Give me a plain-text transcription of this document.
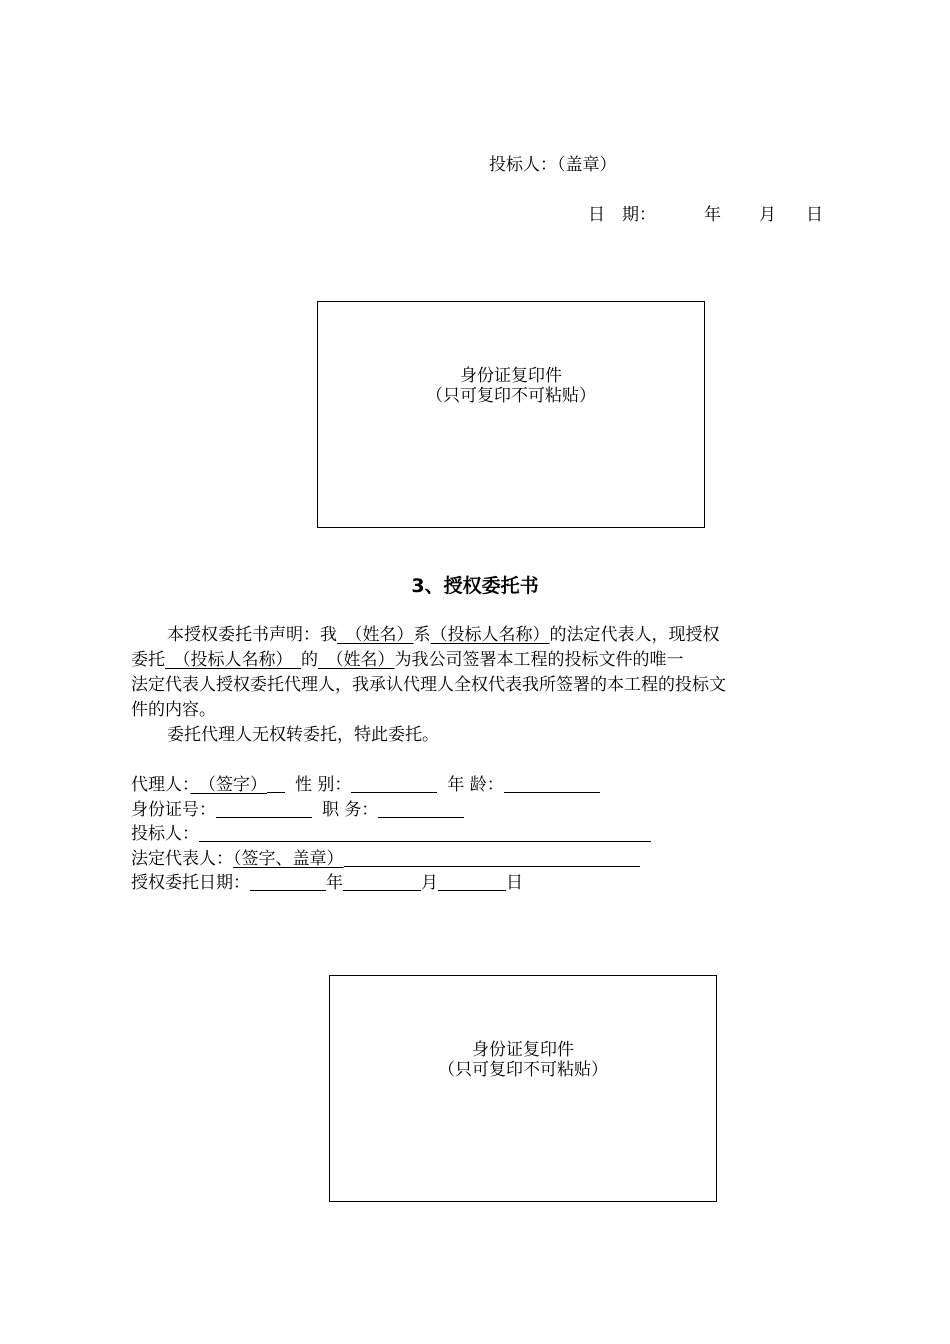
投标人：（盖章）
日　期：	年 月 日
身份证复印件
（只可复印不可粘贴）
3、授权委托书
本授权委托书声明：我　（姓名）系（投标人名称）的法定代表人，现授权
委托　（投标人名称）　的　（姓名）为我公司签署本工程的投标文件的唯一
法定代表人授权委托代理人，我承认代理人全权代表我所签署的本工程的投标文
件的内容。
委托代理人无权转委托，特此委托。
代理人：　（签字） 性 别：	年 龄：
身份证号：	职 务：
投标人：
法定代表人：（签字、盖章）
授权委托日期：	年	月	日
身份证复印件
（只可复印不可粘贴）
